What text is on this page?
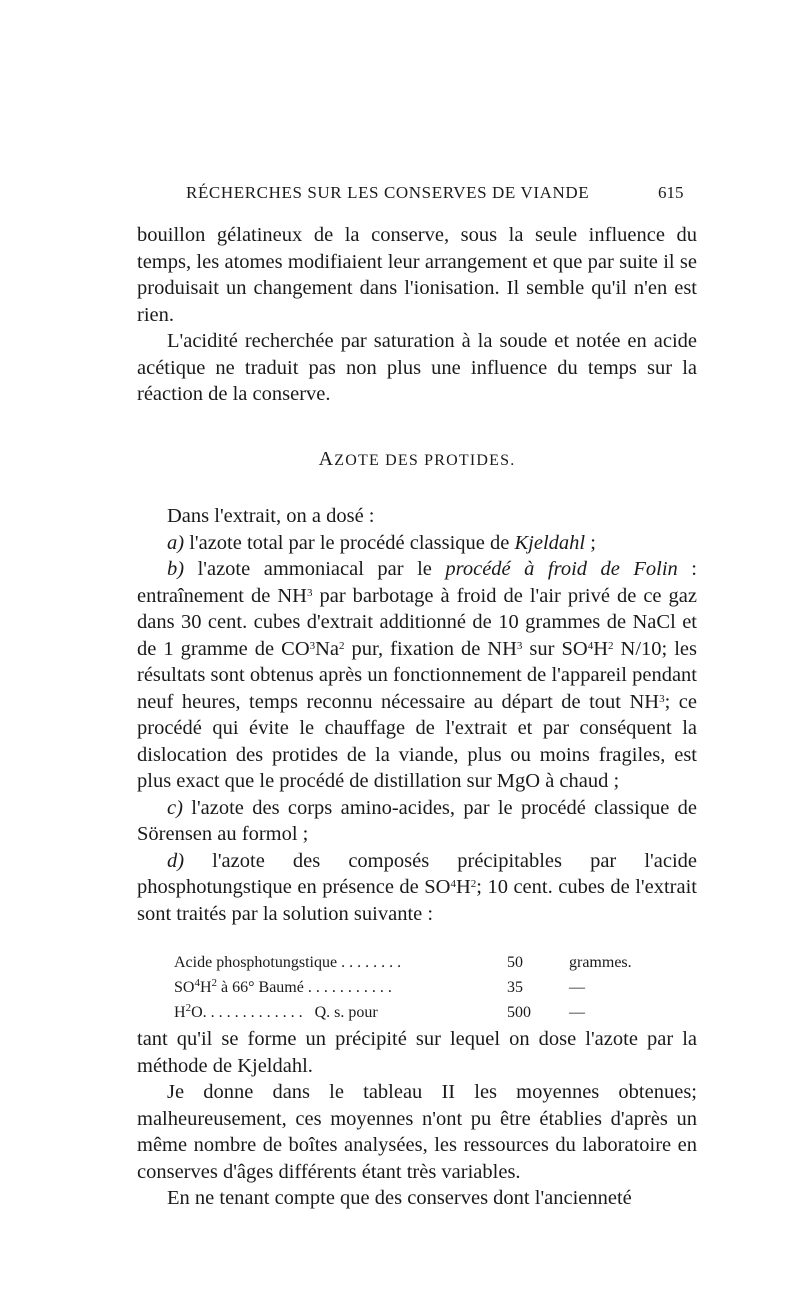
RÉCHERCHES SUR LES CONSERVES DE VIANDE	615

bouillon gélatineux de la conserve, sous la seule influence du temps, les atomes modifiaient leur arrangement et que par suite il se produisait un changement dans l'ionisation. Il semble qu'il n'en est rien.

L'acidité recherchée par saturation à la soude et notée en acide acétique ne traduit pas non plus une influence du temps sur la réaction de la conserve.

AZOTE DES PROTIDES.

Dans l'extrait, on a dosé :

a) l'azote total par le procédé classique de Kjeldahl ;

b) l'azote ammoniacal par le procédé à froid de Folin : entraînement de $NH^3$ par barbotage à froid de l'air privé de ce gaz dans 30 cent. cubes d'extrait additionné de 10 grammes de NaCl et de 1 gramme de $CO^3Na^2$ pur, fixation de $NH^3$ sur $SO^4H^2$ N/10; les résultats sont obtenus après un fonctionnement de l'appareil pendant neuf heures, temps reconnu nécessaire au départ de tout $NH^3$; ce procédé qui évite le chauffage de l'extrait et par conséquent la dislocation des protides de la viande, plus ou moins fragiles, est plus exact que le procédé de distillation sur MgO à chaud ;

c) l'azote des corps amino-acides, par le procédé classique de Sörensen au formol ;

d) l'azote des composés précipitables par l'acide phosphotungstique en présence de $SO^4H^2$; 10 cent. cubes de l'extrait sont traités par la solution suivante :

Acide phosphotungstique . . . . . . . .	50	grammes.
$SO^4H^2$ à 66° Baumé . . . . . . . . . . .	35	—
$H^2O$. . . . . . . . . . . . .   Q. s. pour	500	—

tant qu'il se forme un précipité sur lequel on dose l'azote par la méthode de Kjeldahl.

Je donne dans le tableau II les moyennes obtenues; malheureusement, ces moyennes n'ont pu être établies d'après un même nombre de boîtes analysées, les ressources du laboratoire en conserves d'âges différents étant très variables.

En ne tenant compte que des conserves dont l'ancienneté
